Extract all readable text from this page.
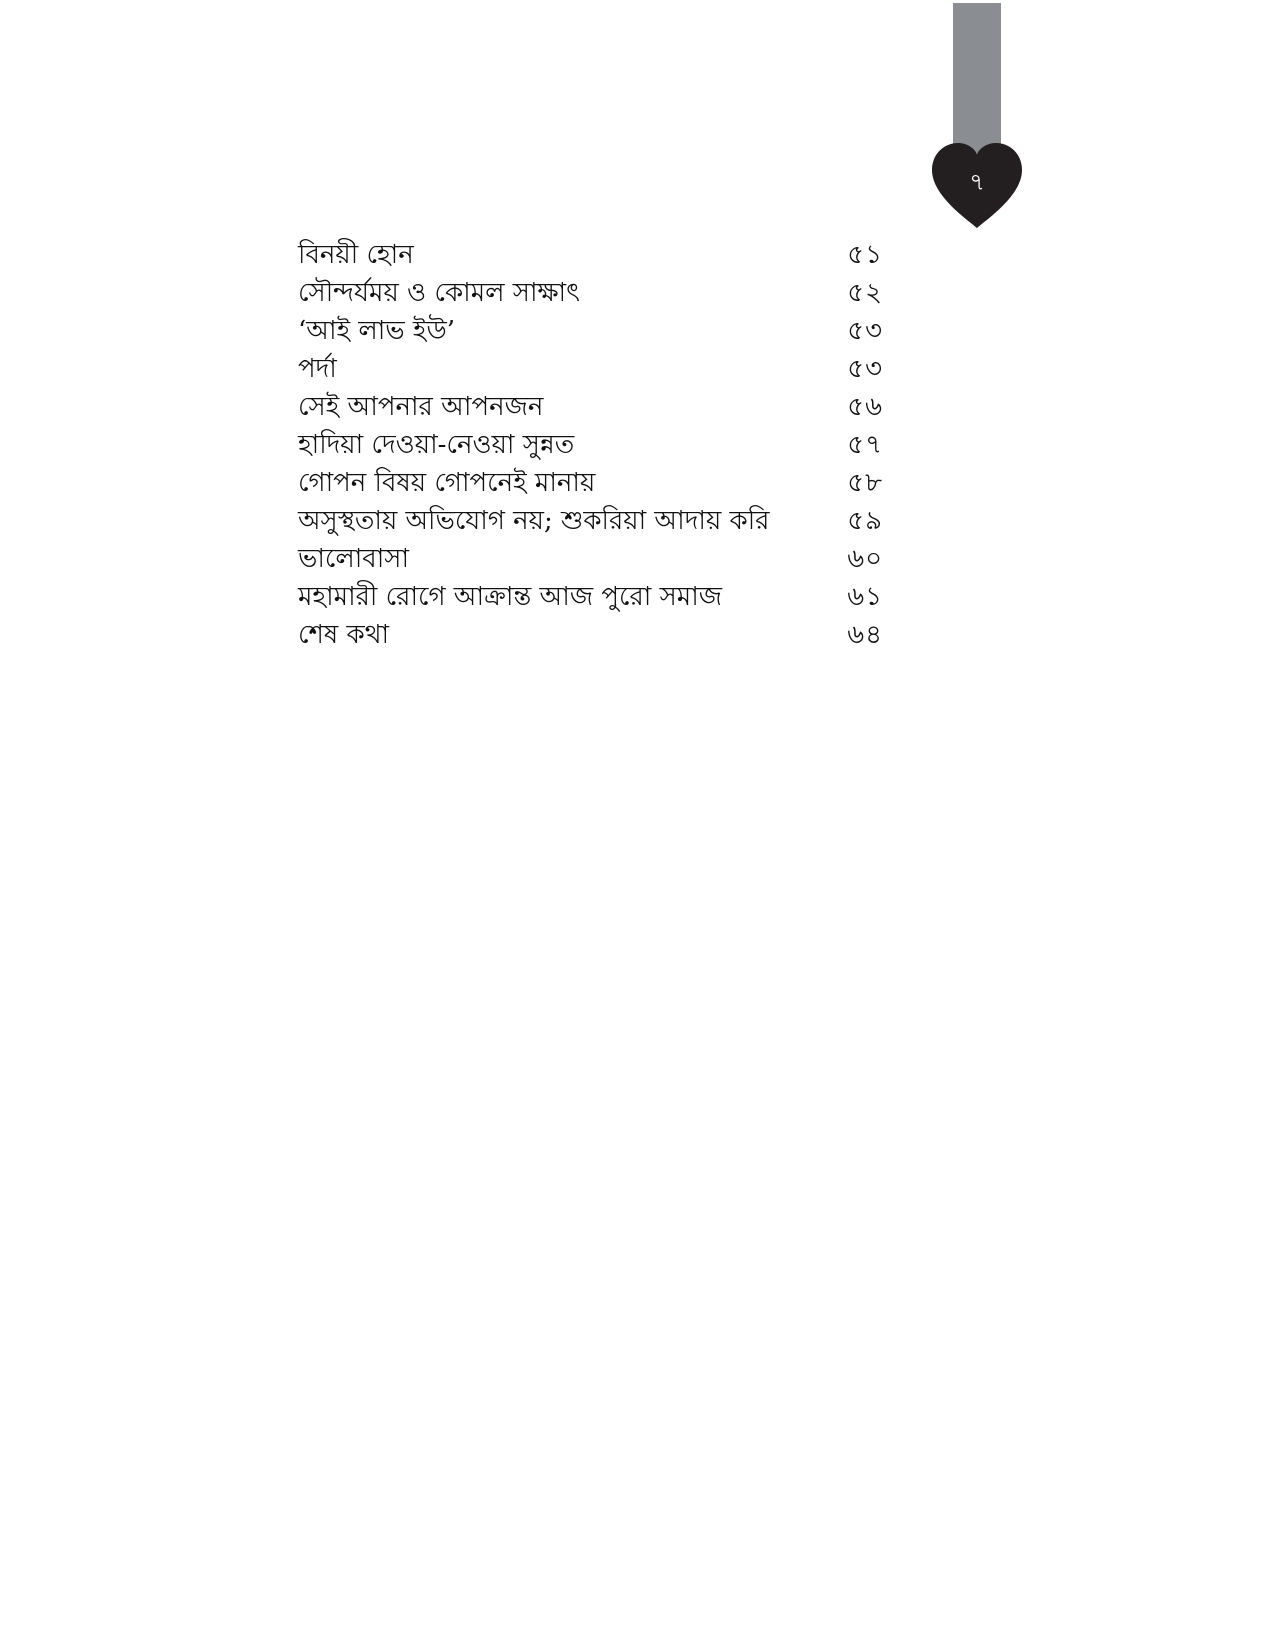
৭
বিনয়ী হোন	৫১
সৌন্দর্যময় ও কোমল সাক্ষাৎ	৫২
‘আই লাভ ইউ’	৫৩
পর্দা	৫৩
সেই আপনার আপনজন	৫৬
হাদিয়া দেওয়া-নেওয়া সুন্নত	৫৭
গোপন বিষয় গোপনেই মানায়	৫৮
অসুস্থতায় অভিযোগ নয়; শুকরিয়া আদায় করি	৫৯
ভালোবাসা	৬০
মহামারী রোগে আক্রান্ত আজ পুরো সমাজ	৬১
শেষ কথা	৬৪
